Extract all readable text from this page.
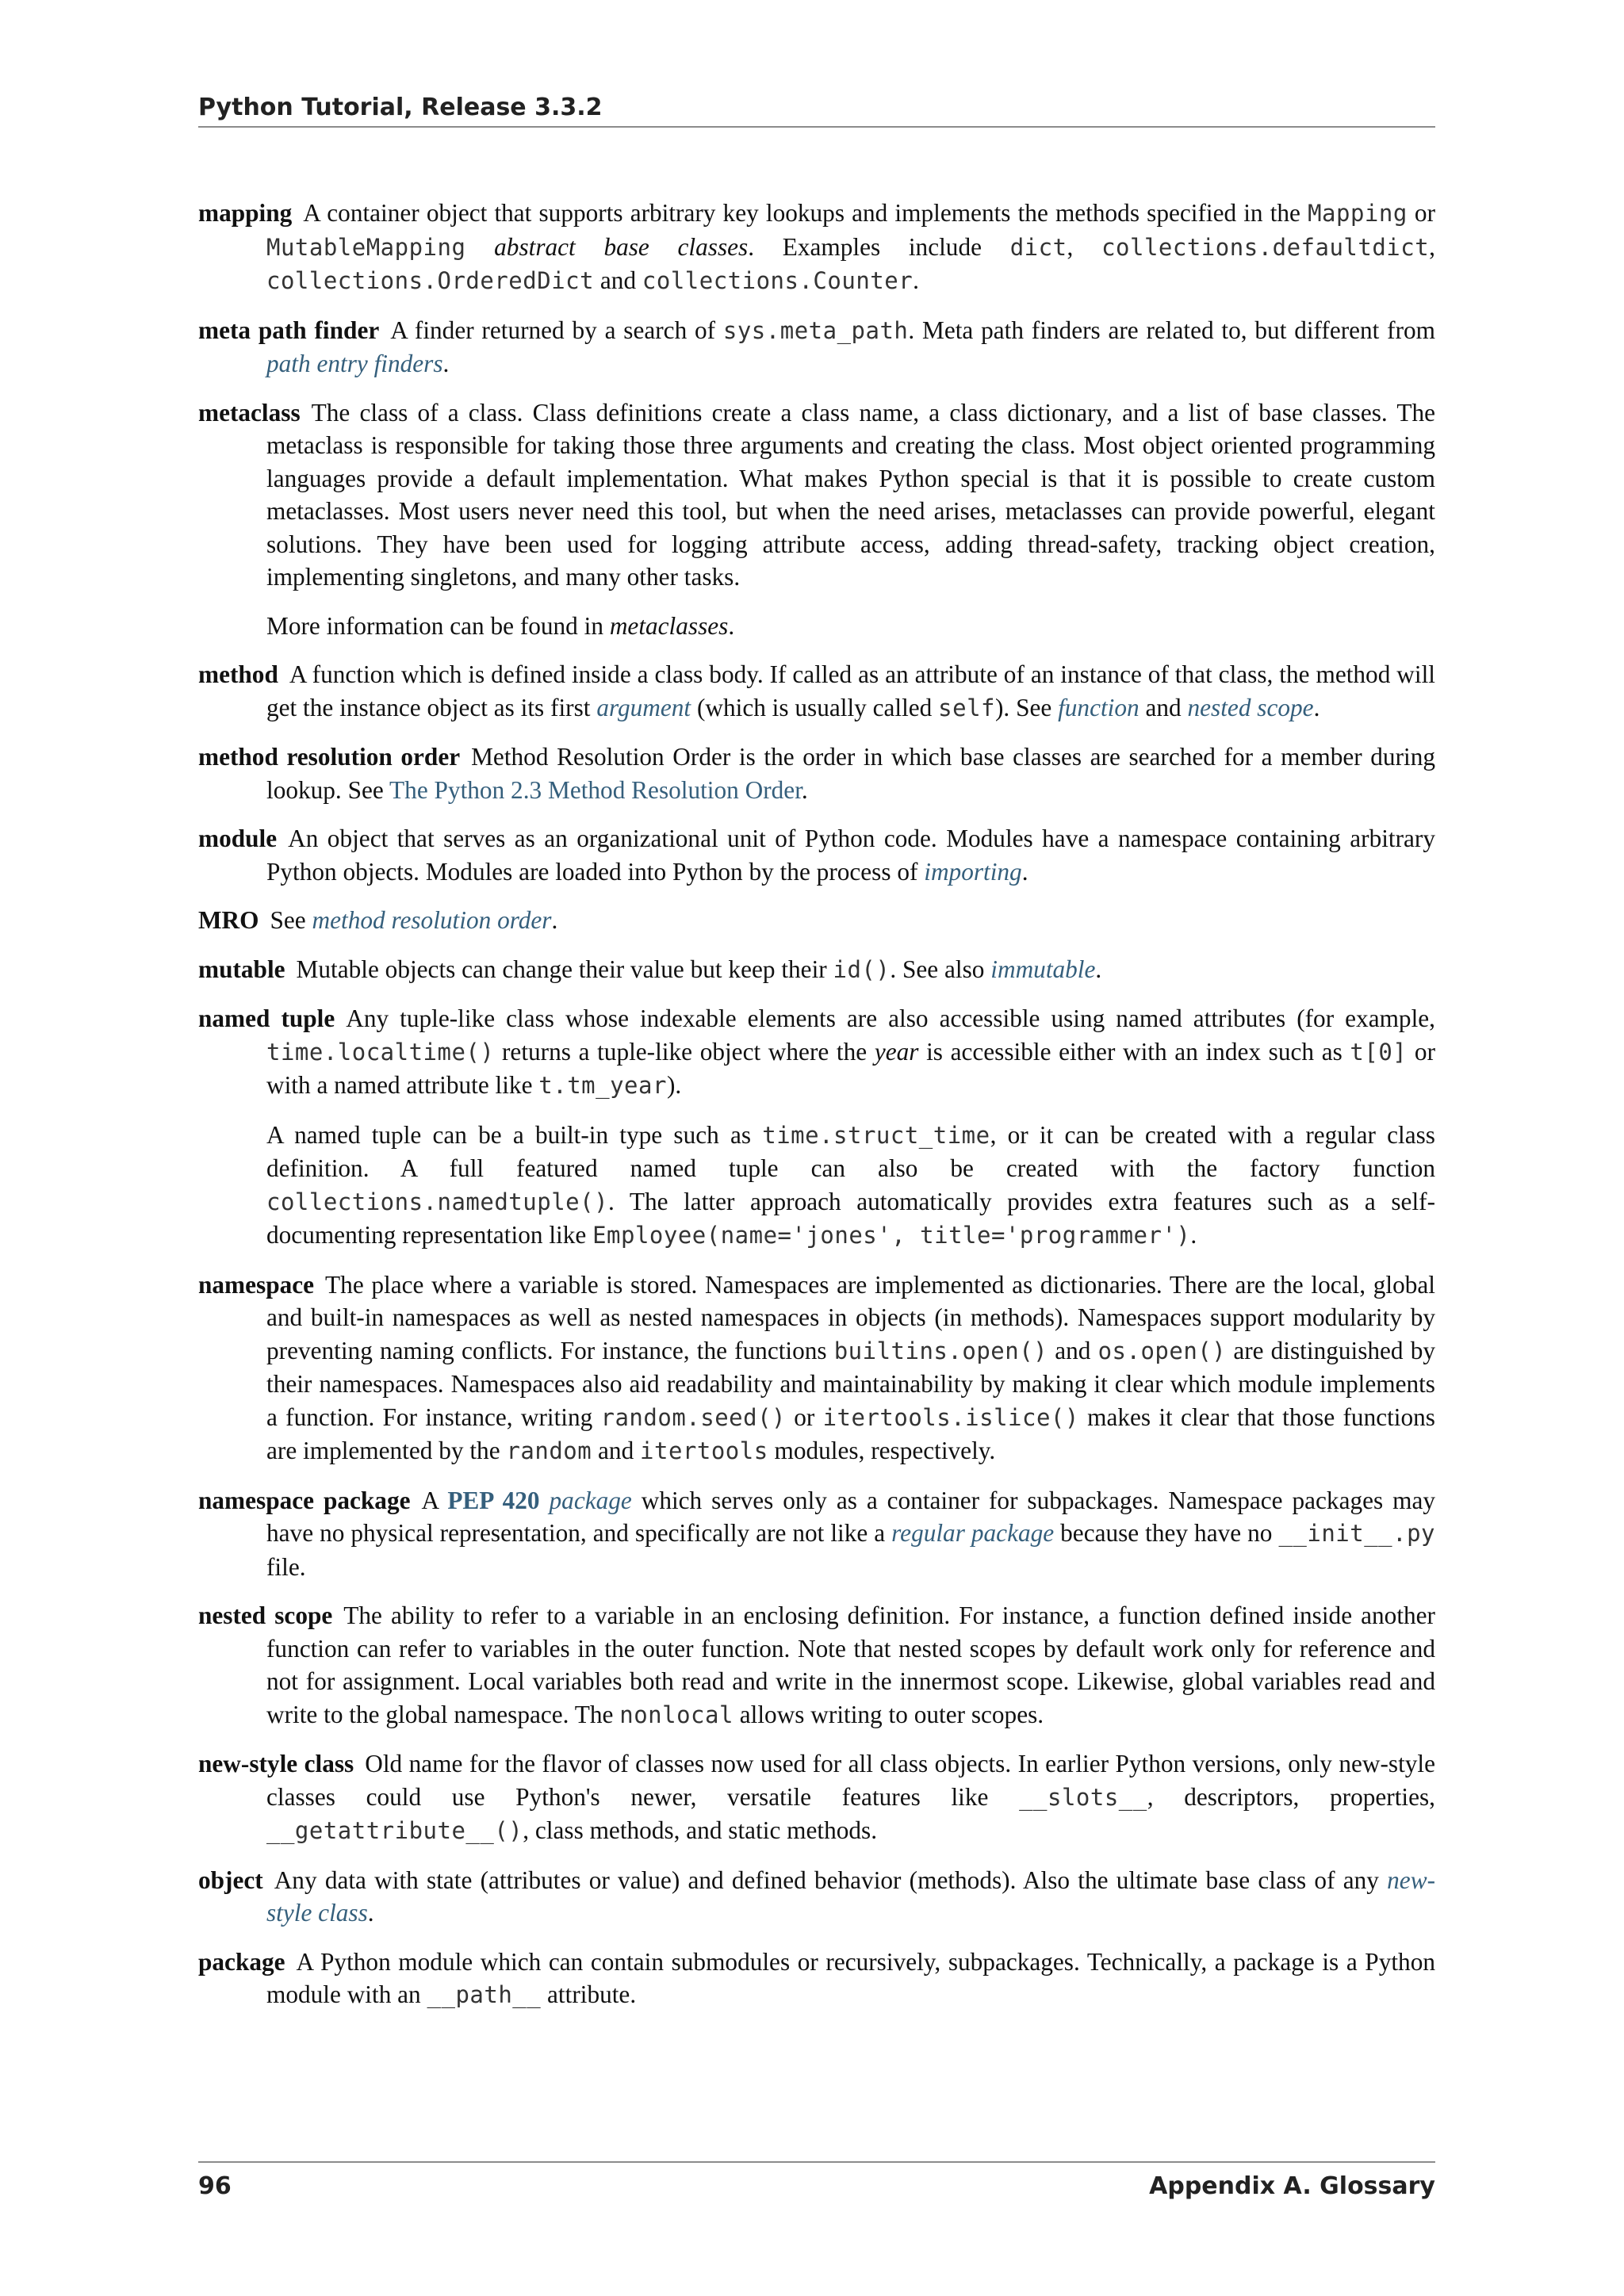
Python Tutorial, Release 3.3.2
mapping A container object that supports arbitrary key lookups and implements the methods specified in the Mapping or MutableMapping abstract base classes. Examples include dict, collections.defaultdict, collections.OrderedDict and collections.Counter.
meta path finder A finder returned by a search of sys.meta_path. Meta path finders are related to, but different from path entry finders.
metaclass The class of a class. Class definitions create a class name, a class dictionary, and a list of base classes. The metaclass is responsible for taking those three arguments and creating the class. Most object oriented programming languages provide a default implementation. What makes Python special is that it is possible to create custom metaclasses. Most users never need this tool, but when the need arises, metaclasses can provide powerful, elegant solutions. They have been used for logging attribute access, adding thread-safety, tracking object creation, implementing singletons, and many other tasks.
More information can be found in metaclasses.
method A function which is defined inside a class body. If called as an attribute of an instance of that class, the method will get the instance object as its first argument (which is usually called self). See function and nested scope.
method resolution order Method Resolution Order is the order in which base classes are searched for a member during lookup. See The Python 2.3 Method Resolution Order.
module An object that serves as an organizational unit of Python code. Modules have a namespace containing arbitrary Python objects. Modules are loaded into Python by the process of importing.
MRO See method resolution order.
mutable Mutable objects can change their value but keep their id(). See also immutable.
named tuple Any tuple-like class whose indexable elements are also accessible using named attributes (for example, time.localtime() returns a tuple-like object where the year is accessible either with an index such as t[0] or with a named attribute like t.tm_year).
A named tuple can be a built-in type such as time.struct_time, or it can be created with a regular class definition. A full featured named tuple can also be created with the factory function collections.namedtuple(). The latter approach automatically provides extra features such as a self-documenting representation like Employee(name='jones', title='programmer').
namespace The place where a variable is stored. Namespaces are implemented as dictionaries. There are the local, global and built-in namespaces as well as nested namespaces in objects (in methods). Namespaces support modularity by preventing naming conflicts. For instance, the functions builtins.open() and os.open() are distinguished by their namespaces. Namespaces also aid readability and maintainability by making it clear which module implements a function. For instance, writing random.seed() or itertools.islice() makes it clear that those functions are implemented by the random and itertools modules, respectively.
namespace package A PEP 420 package which serves only as a container for subpackages. Namespace packages may have no physical representation, and specifically are not like a regular package because they have no __init__.py file.
nested scope The ability to refer to a variable in an enclosing definition. For instance, a function defined inside another function can refer to variables in the outer function. Note that nested scopes by default work only for reference and not for assignment. Local variables both read and write in the innermost scope. Likewise, global variables read and write to the global namespace. The nonlocal allows writing to outer scopes.
new-style class Old name for the flavor of classes now used for all class objects. In earlier Python versions, only new-style classes could use Python's newer, versatile features like __slots__, descriptors, properties, __getattribute__(), class methods, and static methods.
object Any data with state (attributes or value) and defined behavior (methods). Also the ultimate base class of any new-style class.
package A Python module which can contain submodules or recursively, subpackages. Technically, a package is a Python module with an __path__ attribute.
96	Appendix A. Glossary
